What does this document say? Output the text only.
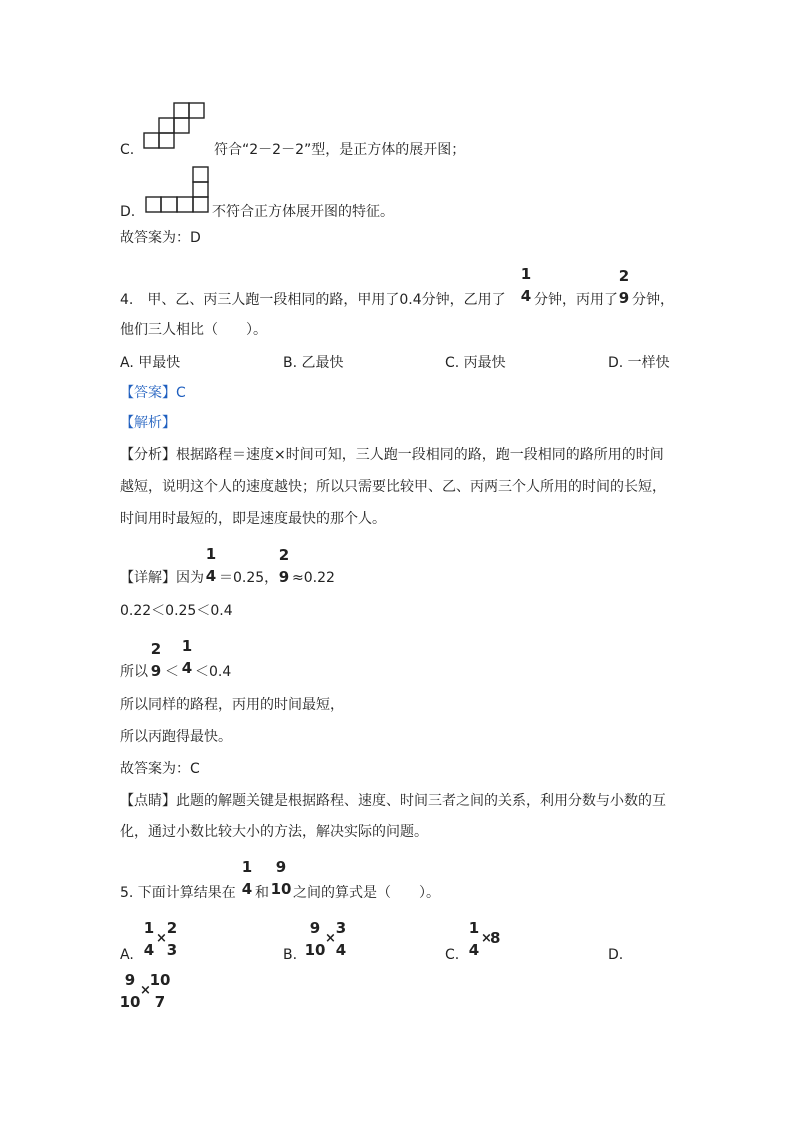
C.	符合“2－2－2”型，是正方体的展开图；
D.	不符合正方体展开图的特征。
故答案为：D
4.　甲、乙、丙三人跑一段相同的路，甲用了0.4分钟，乙用了
1
4 分钟，丙用了
2
9 分钟，
他们三人相比（　　）。
A. 甲最快	B. 乙最快	C. 丙最快	D. 一样快
【答案】C
【解析】
【分析】根据路程＝速度×时间可知，三人跑一段相同的路，跑一段相同的路所用的时间
越短，说明这个人的速度越快；所以只需要比较甲、乙、丙两三个人所用的时间的长短，
时间用时最短的，即是速度最快的那个人。
【详解】因为
1
4 ＝0.25，
2
9 ≈0.22
0.22＜0.25＜0.4
所以
2
9 ＜
1
4 ＜0.4
所以同样的路程，丙用的时间最短，
所以丙跑得最快。
故答案为：C
【点睛】此题的解题关键是根据路程、速度、时间三者之间的关系，利用分数与小数的互
化，通过小数比较大小的方法，解决实际的问题。
5. 下面计算结果在
1
4 和
9
10 之间的算式是（　　）。
A.
1
4
×
2
3	B.
9
10
×
3
4	C.
1
4
×
8
D.
9
10
×
10
7
